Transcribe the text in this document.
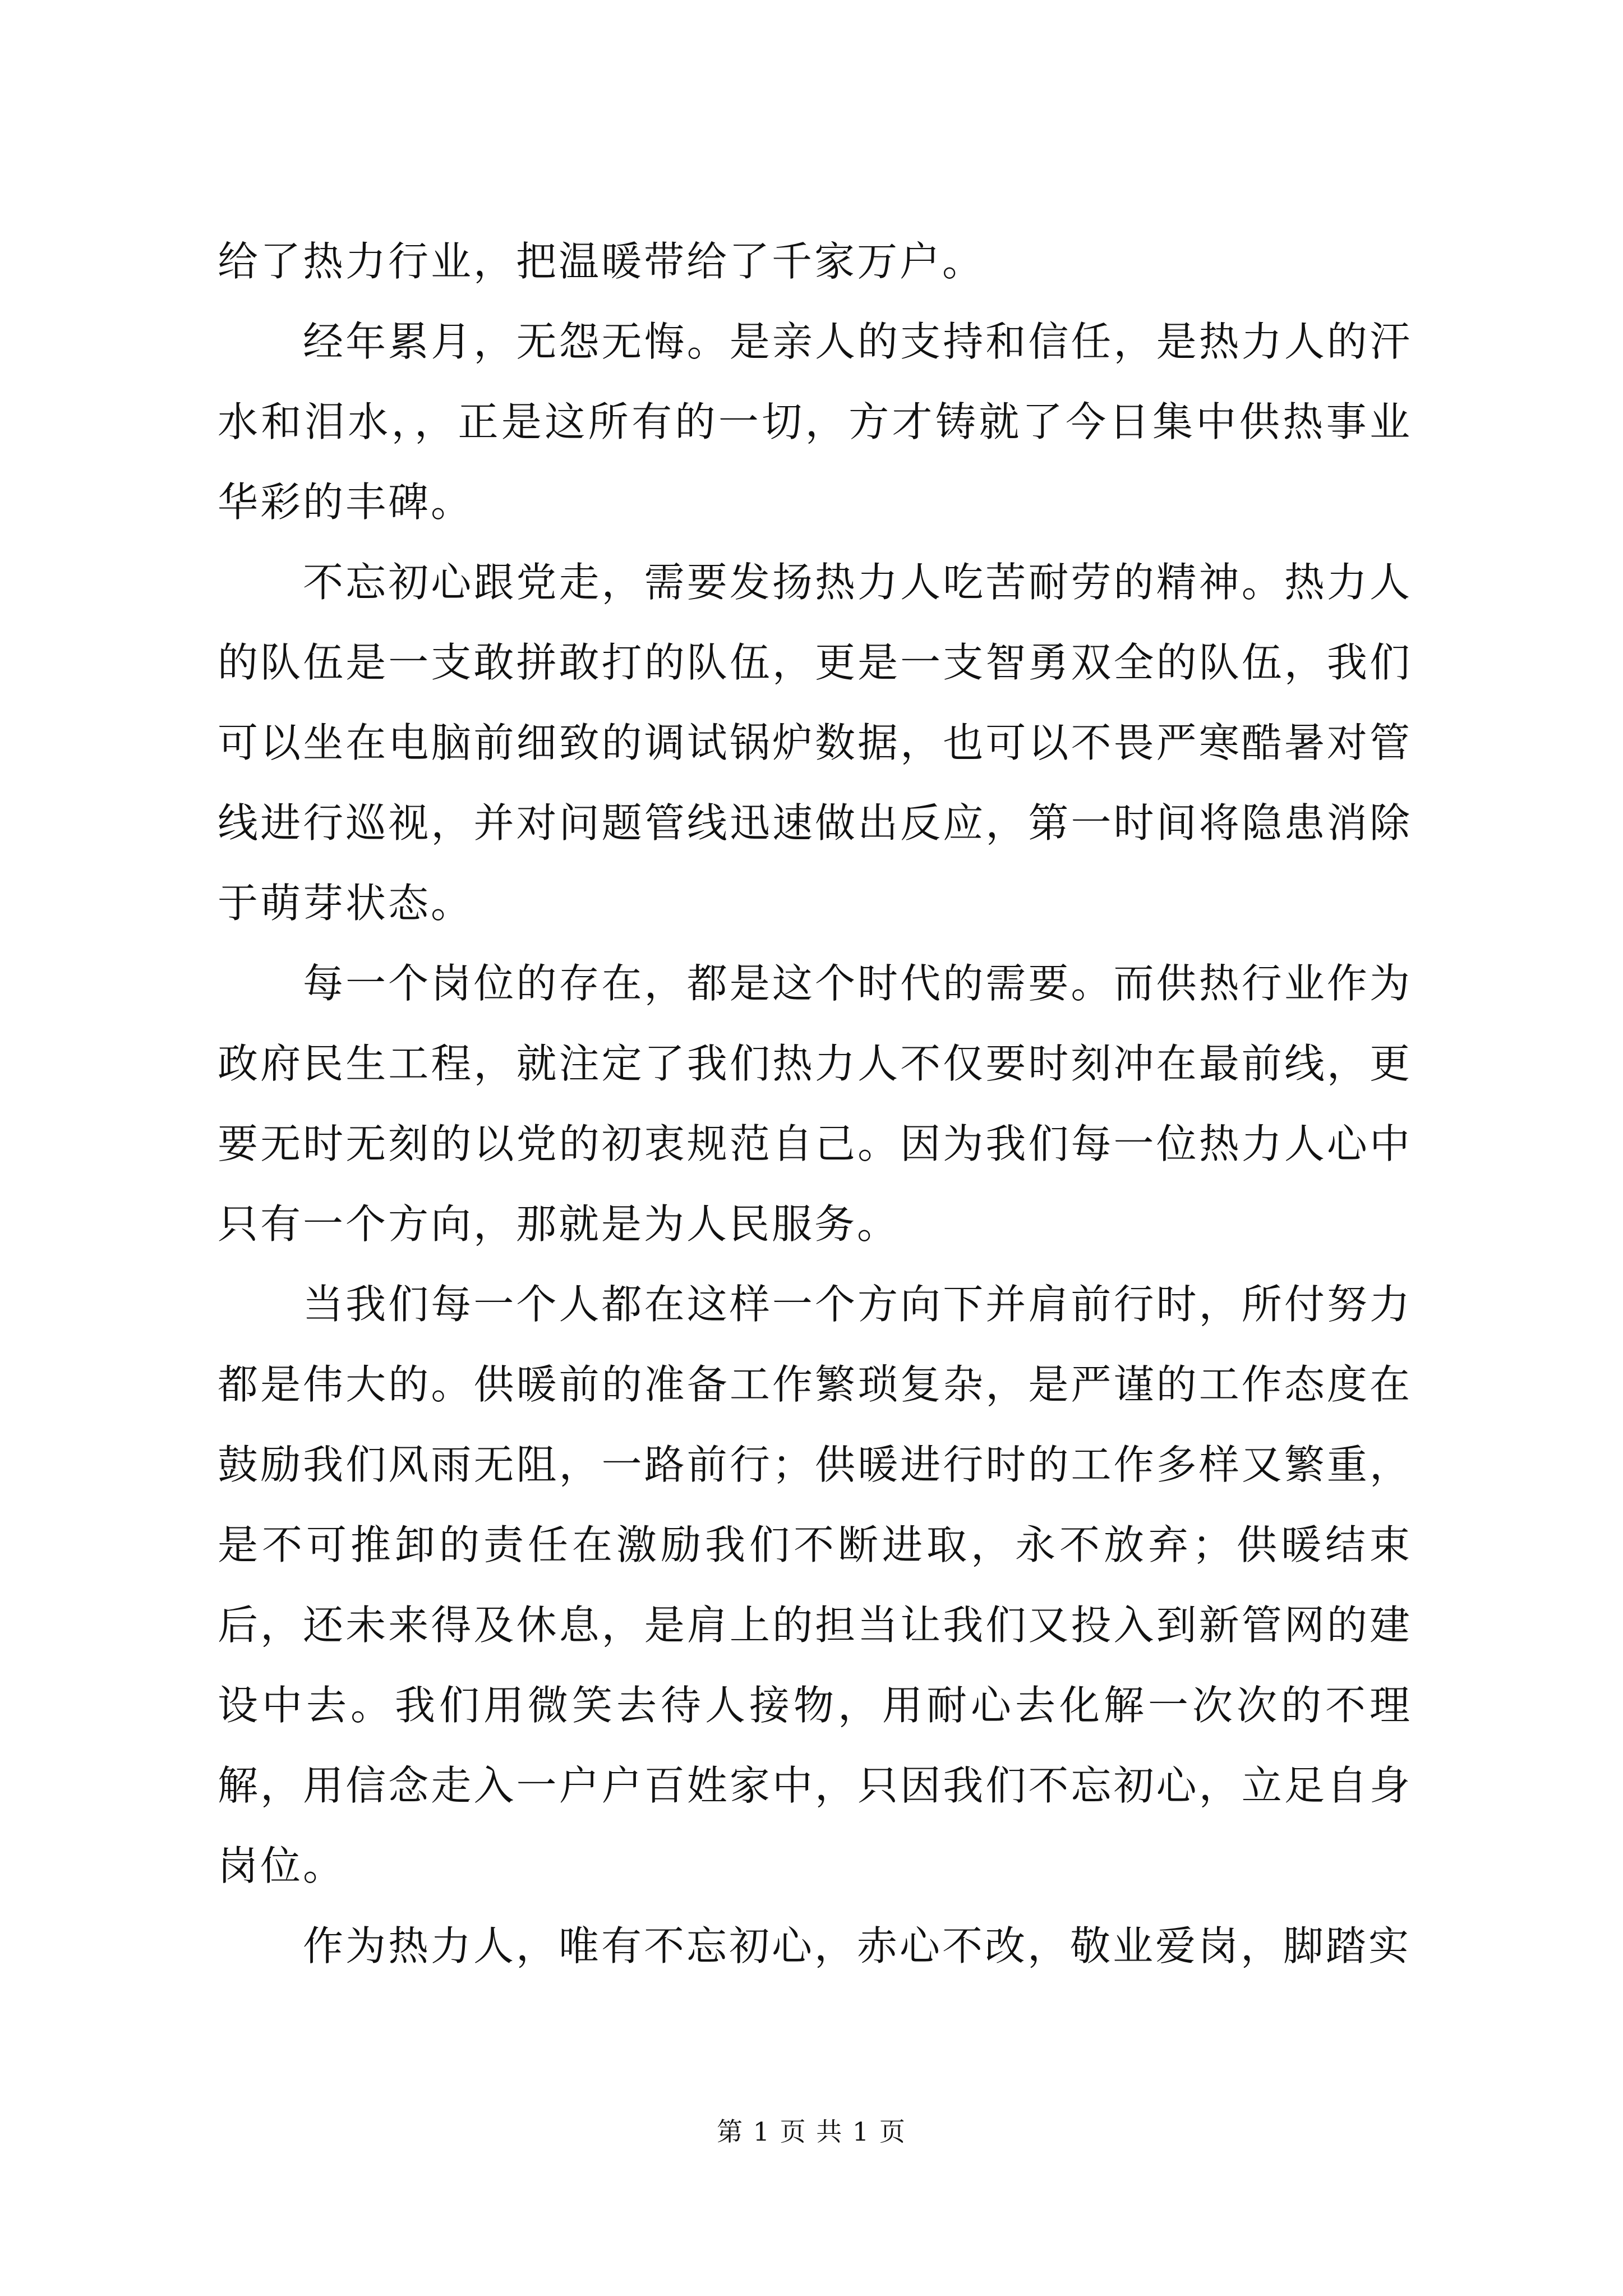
给了热力行业，把温暖带给了千家万户。

经年累月，无怨无悔。是亲人的支持和信任，是热力人的汗水和泪水，，正是这所有的一切，方才铸就了今日集中供热事业华彩的丰碑。

不忘初心跟党走，需要发扬热力人吃苦耐劳的精神。热力人的队伍是一支敢拼敢打的队伍，更是一支智勇双全的队伍，我们可以坐在电脑前细致的调试锅炉数据，也可以不畏严寒酷暑对管线进行巡视，并对问题管线迅速做出反应，第一时间将隐患消除于萌芽状态。

每一个岗位的存在，都是这个时代的需要。而供热行业作为政府民生工程，就注定了我们热力人不仅要时刻冲在最前线，更要无时无刻的以党的初衷规范自己。因为我们每一位热力人心中只有一个方向，那就是为人民服务。

当我们每一个人都在这样一个方向下并肩前行时，所付努力都是伟大的。供暖前的准备工作繁琐复杂，是严谨的工作态度在鼓励我们风雨无阻，一路前行；供暖进行时的工作多样又繁重，是不可推卸的责任在激励我们不断进取，永不放弃；供暖结束后，还未来得及休息，是肩上的担当让我们又投入到新管网的建设中去。我们用微笑去待人接物，用耐心去化解一次次的不理解，用信念走入一户户百姓家中，只因我们不忘初心，立足自身岗位。

作为热力人，唯有不忘初心，赤心不改，敬业爱岗，脚踏实

第 1 页 共 1 页
